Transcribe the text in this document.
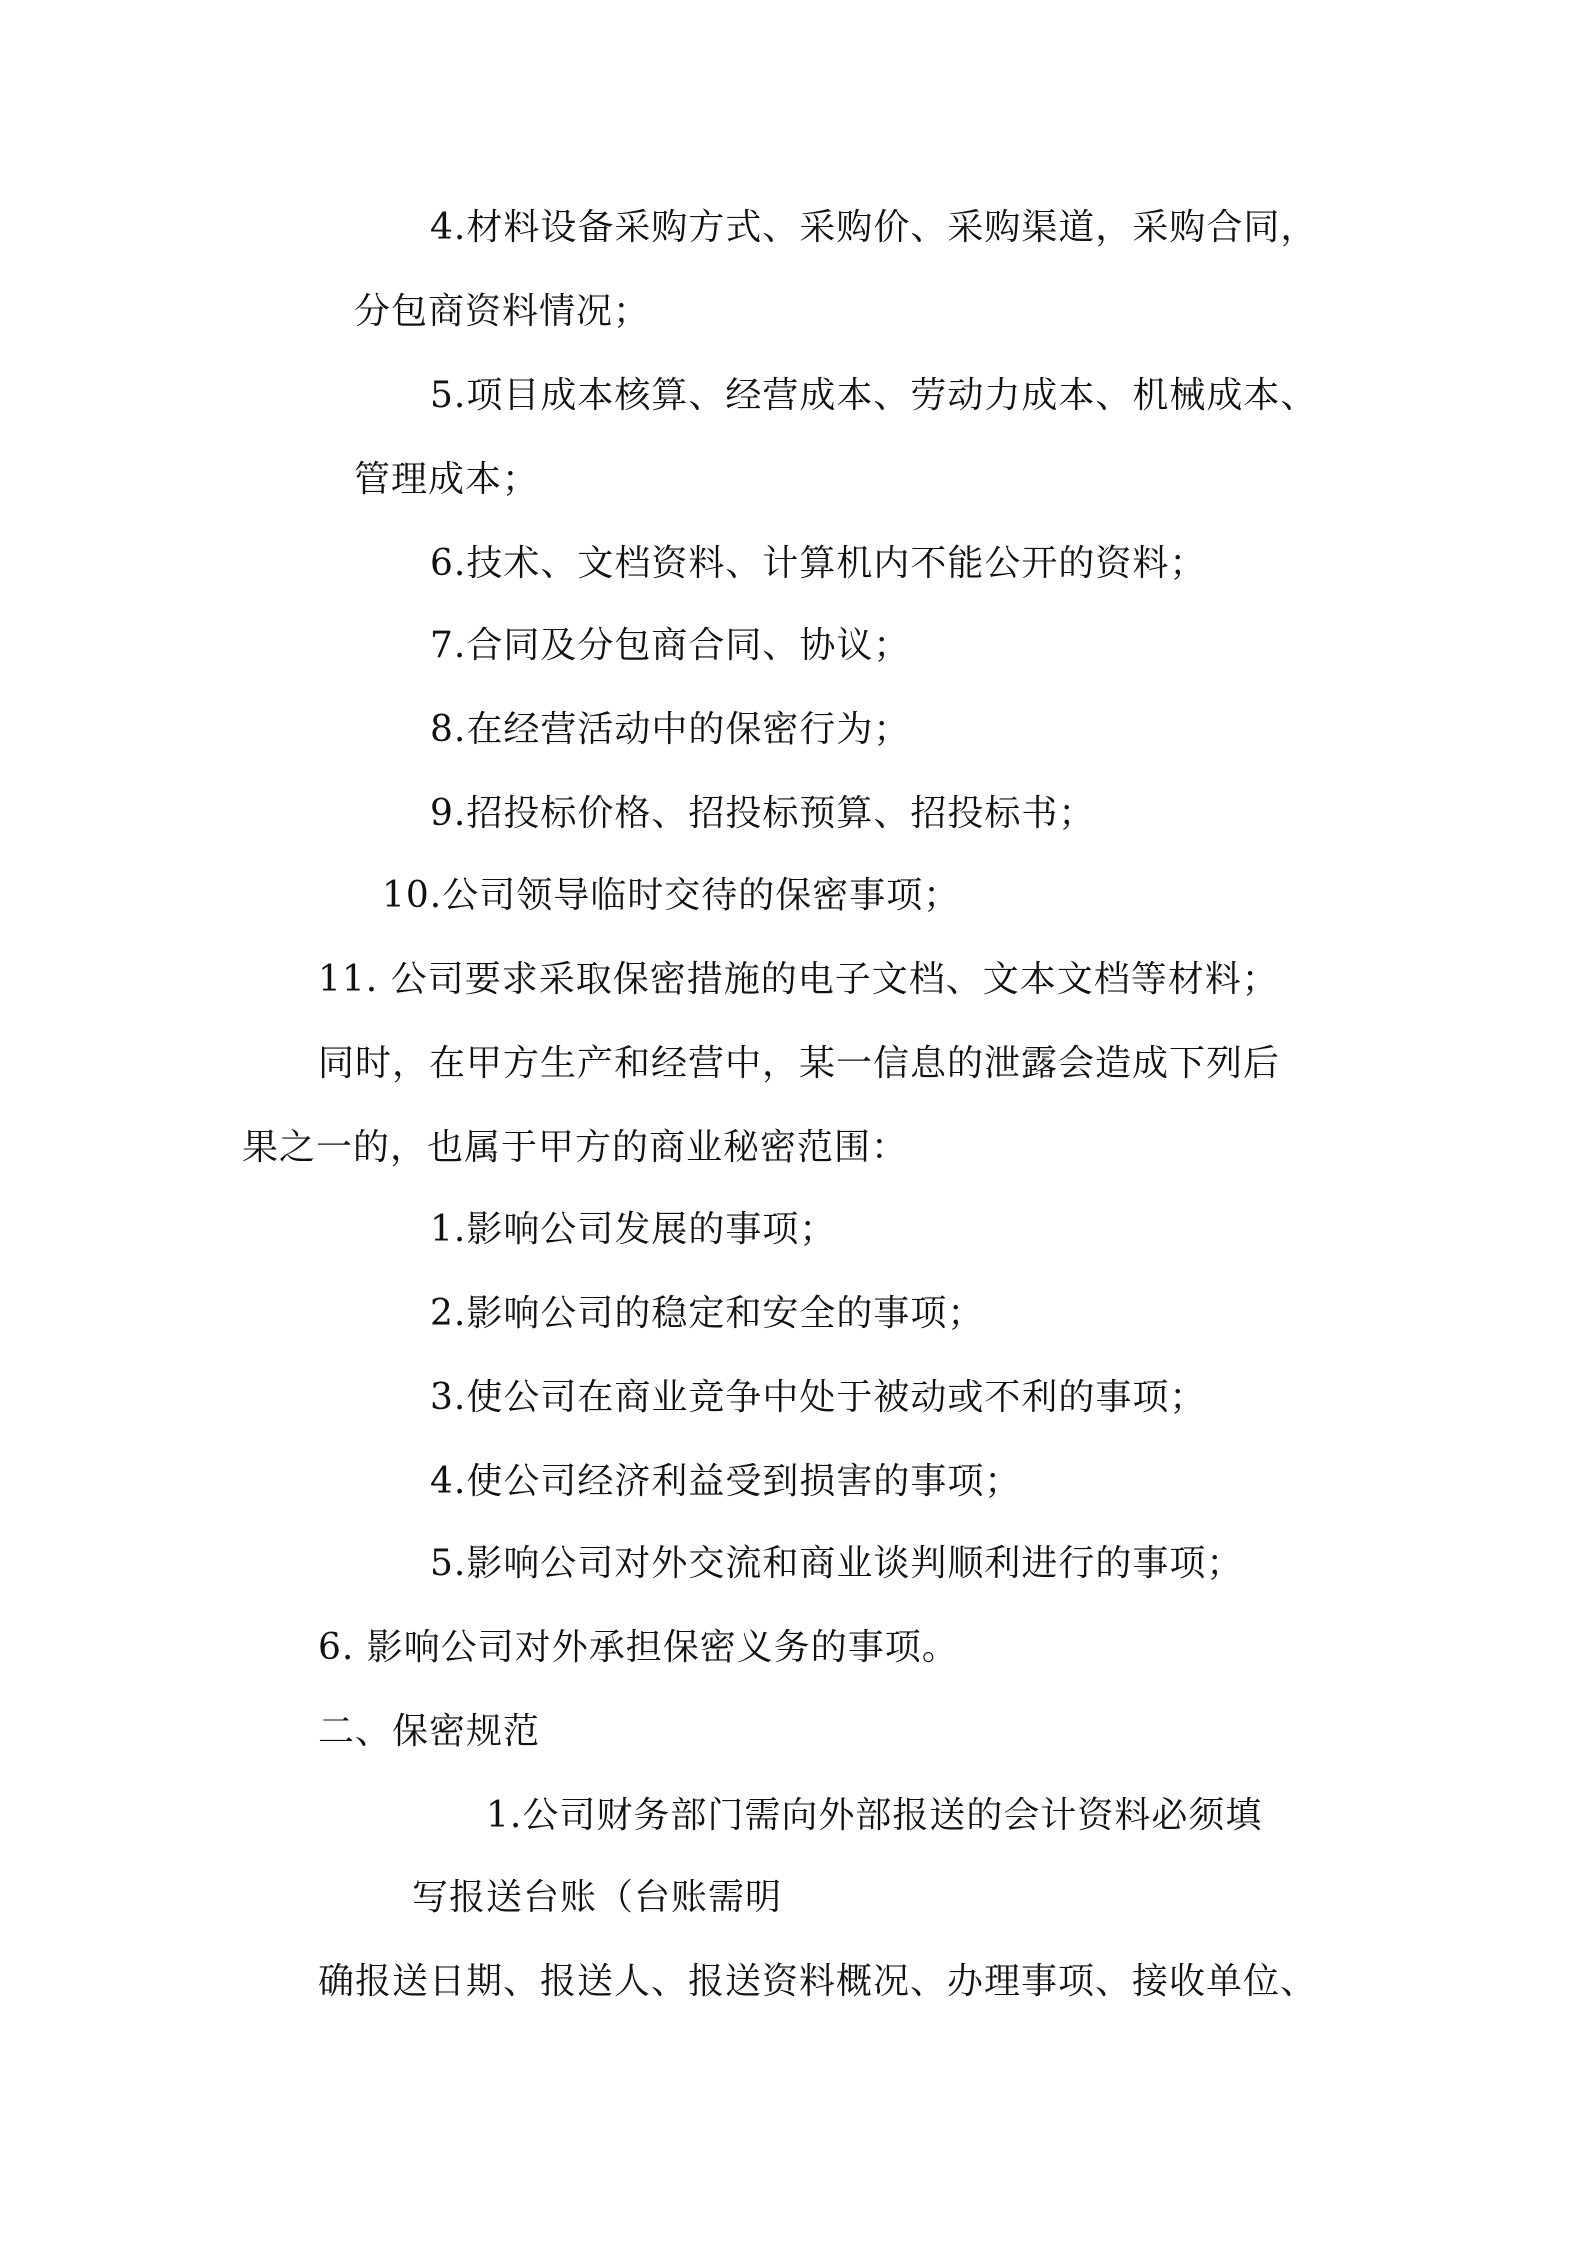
4.材料设备采购方式、采购价、采购渠道，采购合同，
分包商资料情况；
5.项目成本核算、经营成本、劳动力成本、机械成本、
管理成本；
6.技术、文档资料、计算机内不能公开的资料；
7.合同及分包商合同、协议；
8.在经营活动中的保密行为；
9.招投标价格、招投标预算、招投标书；
10.公司领导临时交待的保密事项；
11. 公司要求采取保密措施的电子文档、文本文档等材料；
同时，在甲方生产和经营中，某一信息的泄露会造成下列后
果之一的，也属于甲方的商业秘密范围：
1.影响公司发展的事项；
2.影响公司的稳定和安全的事项；
3.使公司在商业竞争中处于被动或不利的事项；
4.使公司经济利益受到损害的事项；
5.影响公司对外交流和商业谈判顺利进行的事项；
6. 影响公司对外承担保密义务的事项。
二、保密规范
1.公司财务部门需向外部报送的会计资料必须填
写报送台账（台账需明
确报送日期、报送人、报送资料概况、办理事项、接收单位、
